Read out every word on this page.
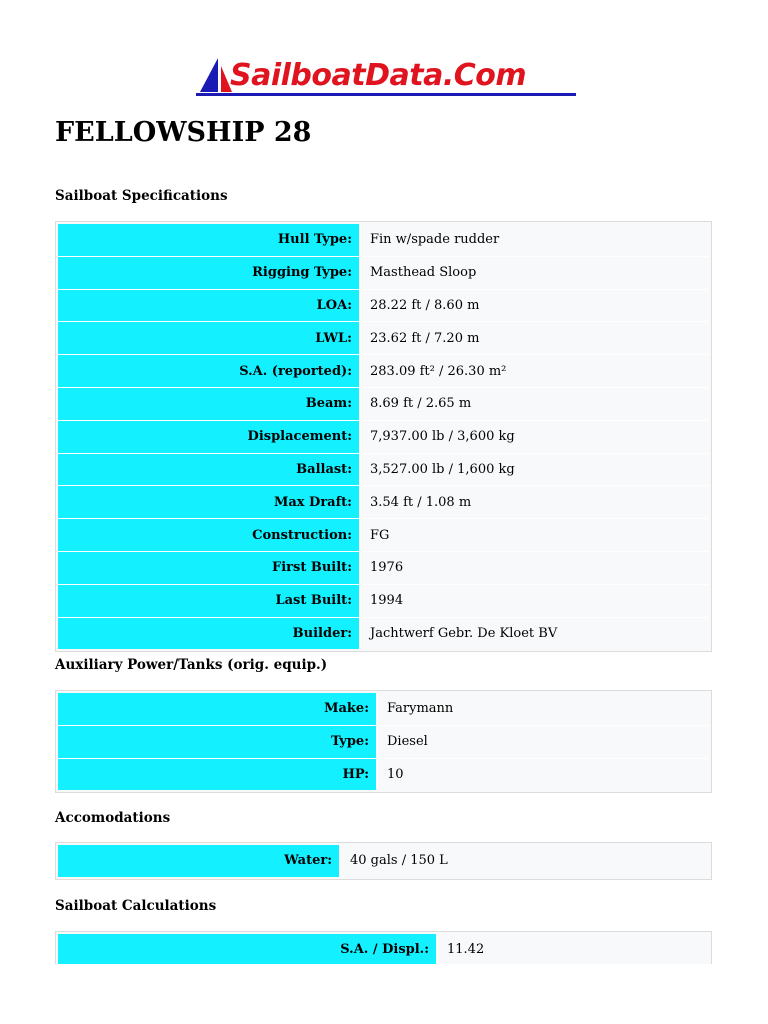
SailboatData.Com
FELLOWSHIP 28
Sailboat Specifications
Hull Type:	Fin w/spade rudder
Rigging Type:	Masthead Sloop
LOA:	28.22 ft / 8.60 m
LWL:	23.62 ft / 7.20 m
S.A. (reported):	283.09 ft² / 26.30 m²
Beam:	8.69 ft / 2.65 m
Displacement:	7,937.00 lb / 3,600 kg
Ballast:	3,527.00 lb / 1,600 kg
Max Draft:	3.54 ft / 1.08 m
Construction:	FG
First Built:	1976
Last Built:	1994
Builder:	Jachtwerf Gebr. De Kloet BV
Auxiliary Power/Tanks (orig. equip.)
Make:	Farymann
Type:	Diesel
HP:	10
Accomodations
Water:	40 gals / 150 L
Sailboat Calculations
S.A. / Displ.:	11.42
